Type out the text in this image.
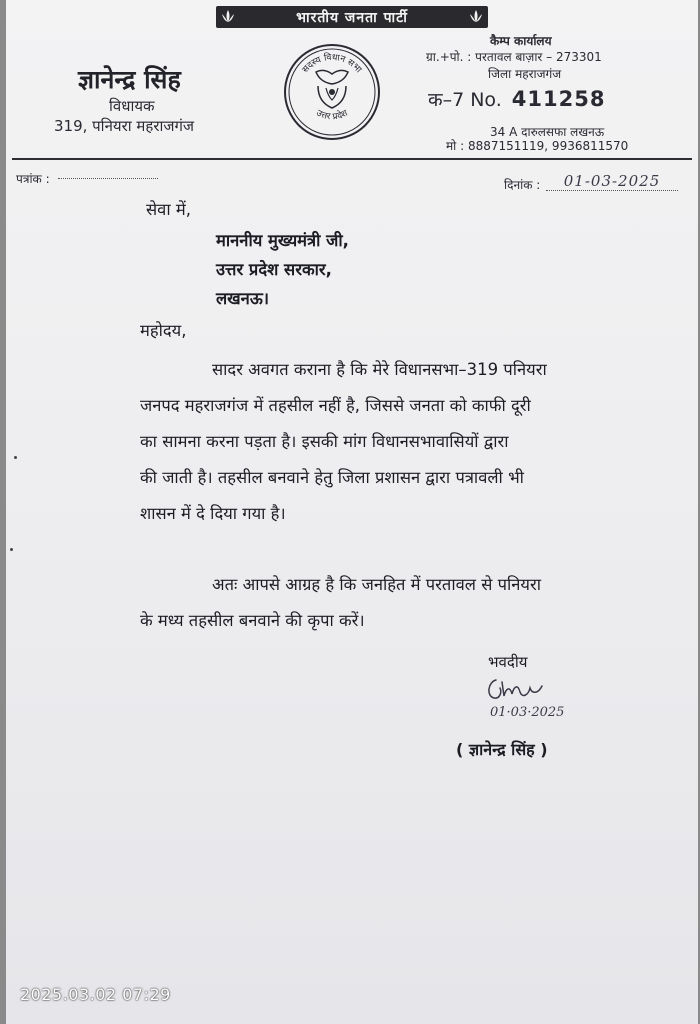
भारतीय जनता पार्टी
ज्ञानेन्द्र सिंह
विधायक
319, पनियरा महराजगंज
सदस्य विधान सभा
उत्तर प्रदेश
कैम्प कार्यालय
ग्रा.+पो. : परतावल बाज़ार – 273301
जिला महराजगंज
क–7 No. 411258
34 A दारुलसफा लखनऊ
मो : 8887151119, 9936811570
पत्रांक :	दिनांक :	01-03-2025
सेवा में,
माननीय मुख्यमंत्री जी,
उत्तर प्रदेश सरकार,
लखनऊ।
महोदय,
सादर अवगत कराना है कि मेरे विधानसभा–319 पनियरा
जनपद महराजगंज में तहसील नहीं है, जिससे जनता को काफी दूरी
का सामना करना पड़ता है। इसकी मांग विधानसभावासियों द्वारा
की जाती है। तहसील बनवाने हेतु जिला प्रशासन द्वारा पत्रावली भी
शासन में दे दिया गया है।
अतः आपसे आग्रह है कि जनहित में परतावल से पनियरा
के मध्य तहसील बनवाने की कृपा करें।
भवदीय
01·03·2025
( ज्ञानेन्द्र सिंह )
2025.03.02 07:29
